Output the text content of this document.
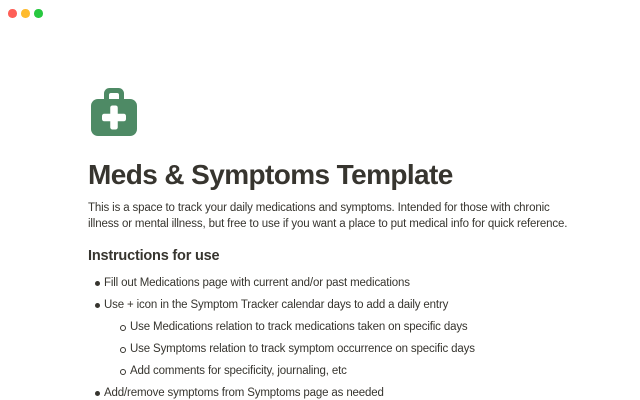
Meds & Symptoms Template
This is a space to track your daily medications and symptoms. Intended for those with chronic
illness or mental illness, but free to use if you want a place to put medical info for quick reference.
Instructions for use
Fill out Medications page with current and/or past medications
Use + icon in the Symptom Tracker calendar days to add a daily entry
Use Medications relation to track medications taken on specific days
Use Symptoms relation to track symptom occurrence on specific days
Add comments for specificity, journaling, etc
Add/remove symptoms from Symptoms page as needed
